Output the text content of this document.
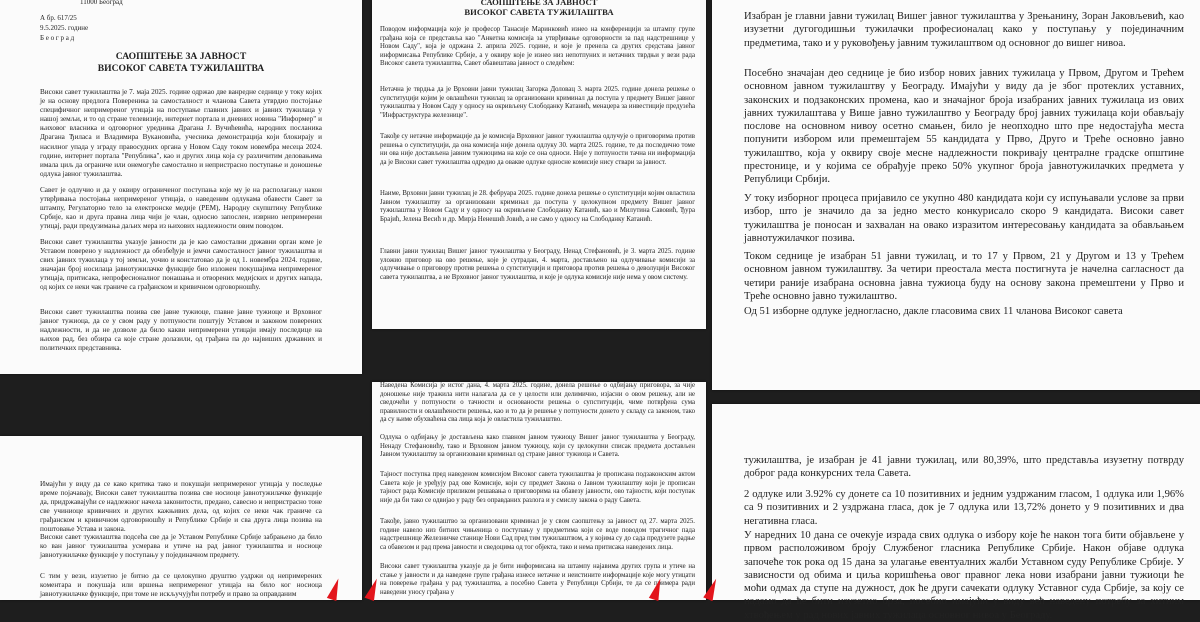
11000 Београд
А бр. 617/25
9.5.2025. године
Б е о г р а д
САОПШТЕЊЕ ЗА ЈАВНОСТ
ВИСОКОГ САВЕТА ТУЖИЛАШТВА

Високи савет тужилаштва је 7. маја 2025. године одржао две ванредне седнице у току којих је на основу предлога Повереника за самосталност и чланова Савета утврдио постојање специфичног непримереног утицаја на поступање главних јавних и јавних тужилаца у нашој земљи, и то од стране телевизије, интернет портала и дневних новина "Информер" и њиховог власника и одговорног уредника Драгана Ј. Вучићевића, народних посланика Драгана Ђиласа и Владимира Вукановића, учесника демонстрација који блокирају и насилнoг упада у зграду правосудних органа у Новом Саду током новембра месеца 2024. године, интернет портала "Република", као и других лица која су различитим деловањима имала циљ да ограниче или онемогуће самостално и непристрасно поступање и доношење одлука јавног тужилаштва.

Савет је одлучио и да у оквиру ограниченог поступања које му је на располагању након утврђивања постојања непримереног утицаја, о наведеним одлукама обавести Савет за штампу, Регулаторно тело за електронске медије (РЕМ), Народну скупштину Републике Србије, као и друга правна лица чији је члан, односно запослен, изврнио непримерени утицај, ради предузимања даљих мера из њихових надлежности овим поводом.

Високи савет тужилаштва указује јавности да је као самостални државни орган коме је Уставом поверено у надлежност да обезбеђује и јемчи самосталност јавног тужилаштва и свих јавних тужилаца у тој земљи, уочио и констатовао да је од 1. новембра 2024. године, значајан број носилаца јавнотужилачке функције био изложен покушајима непримереног утицаја, притисака, непрофесионалног понашања и отворених медијских и других напада, од којих се неки чак граниче са грађанском и кривичном одговорношћу.

Високи савет тужилаштва позива све јавне тужиоце, главне јавне тужиоце и Врховног јавног тужиоца, да се у свом раду у потпуности поштују Уставом и законом поверених надлежности, и да не дозволе да било какви непримерени утицаји имају последице на њихов рад, без обзира са које стране долазили, од грађана па до највиших државних и политичких представника.

САОПШТЕЊЕ ЗА ЈАВНОСТ
ВИСОКОГ САВЕТА ТУЖИЛАШТВА

Поводом информација које је професор Танасије Маринковић изнео на конференцији за штампу групе грађана која се представља као "Анкетна комисија за утврђивање одговорности за пад надстрешнице у Новом Саду", која је одржана 2. априла 2025. године, и које је пренела са других средстава јавног информисања Републике Србије, а у оквиру које је изнео низ непотпуних и нетачних тврдњи у вези рада Високог савета тужилаштва, Савет обавештава јавност о следећем:

Нетачна је тврдња да је Врховни јавни тужилац Загорка Доловац 3. марта 2025. године донела решење о супституцији којим је овлашћени тужилац за организовани криминал да поступа у предмету Вишег јавног тужилаштва у Новом Саду у односу на окривљену Слободанку Катанић, менаџера за инвестиције предузећа "Инфраструктура железнице".

Такође су нетачне информације да је комисија Врховног јавног тужилаштва одлучује о приговорима против решења о супституцији, да она комисија није донела одлуку 30. марта 2025. године, те да последично томе ни ова није достављена јавним тужиоцима на које се она односи. Није у потпуности тачна ни информација да је Високи савет тужилаштва одредио да овакве одлуке односне комисије нису ствари за јавност.

Наиме, Врховни јавни тужилац је 28. фебруара 2025. године донела решење о супституцији којим овластила Јавном тужилаштву за организовани криминал да поступа у целокупном предмету Вишег јавног тужилаштва у Новом Саду и у односу на окривљене Слободанку Катанић, као и Милутина Савовић, Ђура Брајић, Јелена Весић и др. Мирја Ненешић Јовић, а не само у односу на Слободанку Катанић.

Главни јавни тужилац Вишег јавног тужилаштва у Београду, Ненад Стефановић, је 3. марта 2025. године уложио приговор на ово решење, које је сутрадан, 4. марта, достављено на одлучивање комисији за одлучивање о приговору против решења о супституцији и приговора против решења о деволуцији Високог савета тужилаштва, а не Врховног јавног тужилаштва, и које је одлука комисије није нема у овом систему.

Изабран је главни јавни тужилац Вишег јавног тужилаштва у Зрењанину, Зоран Јаковљевић, као изузетни дугогодишњи тужилачки професионалац како у поступању у појединачним предметима, тако и у руковођењу јавним тужилаштвом од основног до вишег нивоа.

Посебно значајан део седнице је био избор нових јавних тужилаца у Првом, Другом и Трећем основном јавном тужилаштву у Београду. Имајући у виду да је због протеклих уставних, законских и подзаконских промена, као и значајног броја изабраних јавних тужилаца из ових јавних тужилаштава у Више јавно тужилаштво у Београду број јавних тужилаца који обављају послове на основном нивоу осетно смањен, било је неопходно што пре недостајућа места попунити избором или премештајем 55 кандидата у Прво, Друго и Треће основно јавно тужилаштво, која у оквиру своје месне надлежности покривају централне градске општине престонице, и у којима се обрађује преко 50% укупног броја јавнотужилачких предмета у Републици Србији.

У току изборног процеса пријавило се укупно 480 кандидата који су испуњавали услове за први избор, што је значило да за једно место конкурисало скоро 9 кандидата. Високи савет тужилаштва је поносан и захвалан на овако изразитом интересовању кандидата за обављањем јавнотужилачког позива.

Током седнице је изабран 51 јавни тужилац, и то 17 у Првом, 21 у Другом и 13 у Трећем основном јавном тужилаштву. За четири преостала места постигнута је начелна сагласност да четири раније изабрана основна јавна тужиоца буду на основу закона премештени у Прво и Треће основно јавно тужилаштво.

Од 51 изборне одлуке једногласно, дакле гласовима свих 11 чланова Високог савета

Имајући у виду да се како критика тако и покушаји непримереног утицаја у последње време појачавају, Високи савет тужилаштва позива све носиоце јавнотужилачке функције да, придржавајући се надлежног начела законитости, предано, савесно и непристрасно тоне све учиниоце кривичних и других кажњивих дела, од којих се неки чак граниче са грађанском и кривичном одговорношћу и Републике Србије и сва друга лица позива на поштовање Устава и закона.

Високи савет тужилаштва подсећа све да је Уставом Републике Србије забрањено да било ко ван јавног тужилаштва усмерава и утиче на рад јавног тужилаштва и носиоце јавнотужилачке функције у поступању у појединачном предмету.

С тим у вези, изузетно је битно да се целокупно друштво уздржи од непримерених коментара и покушаја или вршења непримереног утицаја на било ког носиоца јавнотужилачке функције, при томе не искључујући потребу и право за оправданим

Наведена Комисија је истог дана, 4. марта 2025. године, донела решење о одбијању приговора, за чије доношење није тражила нити налагала да се у целости или делимично, изјасни о овом решењу, али не сведочећи у потпуности о тачности и основаности решења о супституцији, чиме потврђена сума правилности и овлашћености решења, као и то да је решење у потпуности донето у складу са законом, тако да су њиме обухваћена сва лица која је овластила тужилаштво.

Одлука о одбијању је достављена како главном јавном тужиоцу Вишег јавног тужилаштва у Београду, Ненаду Стефановићу, тако и Врховном јавном тужиоцу, који су целокупни списак предмета достављен Јавном тужилаштву за организовани криминал од стране јавног тужиоца и Савета.

Тајност поступка пред наведеном комисијом Високог савета тужилаштва је прописана подзаконским актом Савета које је уређују рад ове Комисије, који су предмет Закона о Јавном тужилаштву који је прописан тајност рада Комисије приликом решавања о приговорима на обавезу јавности, ово тајности, који поступак није да би тако се одвијао у раду без оправданих разлога и у смислу закона о раду Савета.

Такође, јавно тужилаштво за организовани криминал је у свом саопштењу за јавност од 27. марта 2025. године навело низ битних чињеница о поступању у предметима који се воде поводом трагичног пада надстрешнице Железничке станице Нови Сад пред тим тужилаштвом, а у којима су до сада предузете радње са обавезом и рад према јавности и сведоцима од тог објекта, тако и нема притисака наведених лица.

Високи савет тужилаштва указује да је бити информисана на штампу најавима других група и утиче на стање у јавности и да наведене групе грађана изнесе нетачне и неистините информације које могу утицати на поверење грађана у рад тужилаштва, а посебно Савета у Републици Србији, те да се примера ради наведени уносу грађана у

тужилаштва, је изабран је 41 јавни тужилац, или 80,39%, што представља изузетну потврду доброг рада конкурсних тела Савета.

2 одлуке или 3.92% су донете са 10 позитивних и једним уздржаним гласом, 1 одлука или 1,96% са 9 позитивних и 2 уздржана гласа, док је 7 одлука или 13,72% донето у 9 позитивних и два негативна гласа.

У наредних 10 дана се очекује израда свих одлука о избору које ће након тога бити објављене у првом расположивом броју Службеног гласника Републике Србије. Након објаве одлука започеће ток рока од 15 дана за улагање евентуалних жалби Уставном суду Републике Србије. У зависности од обима и циља коришћења овог правног лека нови изабрани јавни тужиоци ће моћи одмах да ступе на дужност, док ће други сачекати одлуку Уставног суда Србије, за коју се надамо да ће бити изузетно брза, посебно имајући у виду већ наведену потребу за хитним хтвођењем у рад нових јавних тужилаца основног нивоа у Београду.
